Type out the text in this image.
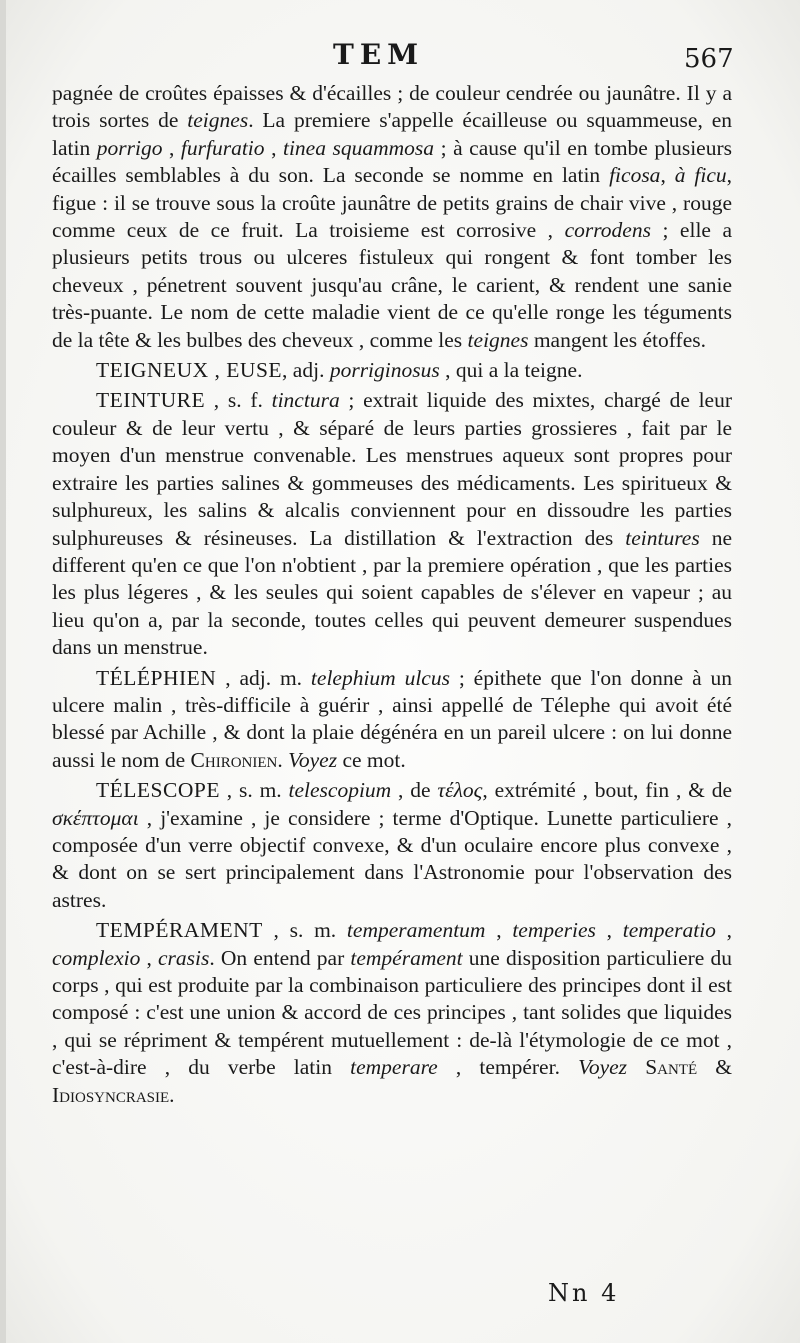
TEM	567

pagnée de croûtes épaisses & d'écailles ; de couleur cendrée ou jaunâtre. Il y a trois sortes de teignes. La premiere s'appelle écailleuse ou squammeuse, en latin porrigo , furfuratio , tinea squammosa ; à cause qu'il en tombe plusieurs écailles semblables à du son. La seconde se nomme en latin ficosa, à ficu, figue : il se trouve sous la croûte jaunâtre de petits grains de chair vive , rouge comme ceux de ce fruit. La troisieme est corrosive , corrodens ; elle a plusieurs petits trous ou ulceres fistuleux qui rongent & font tomber les cheveux , pénetrent souvent jusqu'au crâne, le carient, & rendent une sanie très-puante. Le nom de cette maladie vient de ce qu'elle ronge les téguments de la tête & les bulbes des cheveux , comme les teignes mangent les étoffes.

TEIGNEUX , EUSE, adj. porriginosus , qui a la teigne.

TEINTURE , s. f. tinctura ; extrait liquide des mixtes, chargé de leur couleur & de leur vertu , & séparé de leurs parties grossieres , fait par le moyen d'un menstrue convenable. Les menstrues aqueux sont propres pour extraire les parties salines & gommeuses des médicaments. Les spiritueux & sulphureux, les salins & alcalis conviennent pour en dissoudre les parties sulphureuses & résineuses. La distillation & l'extraction des teintures ne different qu'en ce que l'on n'obtient , par la premiere opération , que les parties les plus légeres , & les seules qui soient capables de s'élever en vapeur ; au lieu qu'on a, par la seconde, toutes celles qui peuvent demeurer suspendues dans un menstrue.

TÉLÉPHIEN , adj. m. telephium ulcus ; épithete que l'on donne à un ulcere malin , très-difficile à guérir , ainsi appellé de Télephe qui avoit été blessé par Achille , & dont la plaie dégénéra en un pareil ulcere : on lui donne aussi le nom de Chironien. Voyez ce mot.

TÉLESCOPE , s. m. telescopium , de τέλος, extrémité , bout, fin , & de σκέπτομαι , j'examine , je considere ; terme d'Optique. Lunette particuliere , composée d'un verre objectif convexe, & d'un oculaire encore plus convexe , & dont on se sert principalement dans l'Astronomie pour l'observation des astres.

TEMPÉRAMENT , s. m. temperamentum , temperies , temperatio , complexio , crasis. On entend par tempérament une disposition particuliere du corps , qui est produite par la combinaison particuliere des principes dont il est composé : c'est une union & accord de ces principes , tant solides que liquides , qui se répriment & tempérent mutuellement : de-là l'étymologie de ce mot , c'est-à-dire , du verbe latin temperare , tempérer. Voyez Santé & Idiosyncrasie.

Nn 4
